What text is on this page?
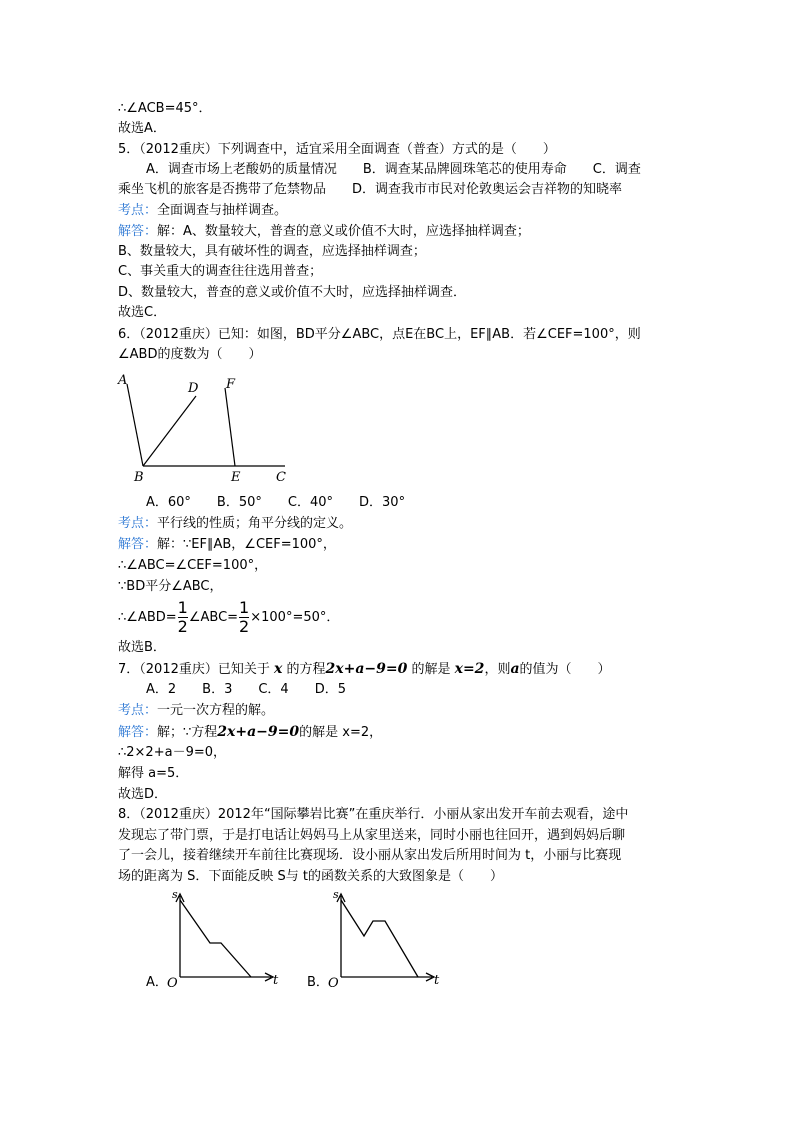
∴∠ACB=45°．
故选A．
5．（2012重庆）下列调查中，适宜采用全面调查（普查）方式的是（　　）
A．调查市场上老酸奶的质量情况　　B．调查某品牌圆珠笔芯的使用寿命　　C．调查
乘坐飞机的旅客是否携带了危禁物品　　D．调查我市市民对伦敦奥运会吉祥物的知晓率
考点：全面调查与抽样调查。
解答：解：A、数量较大，普查的意义或价值不大时，应选择抽样调查；
B、数量较大，具有破坏性的调查，应选择抽样调查；
C、事关重大的调查往往选用普查；
D、数量较大，普查的意义或价值不大时，应选择抽样调查．
故选C．
6．（2012重庆）已知：如图，BD平分∠ABC，点E在BC上，EF∥AB．若∠CEF=100°，则
∠ABD的度数为（　　）
A
D F
B	E	C
A．60°　　B．50°　　C．40°　　D．30°
考点：平行线的性质；角平分线的定义。
解答：解：∵EF∥AB，∠CEF=100°，
∴∠ABC=∠CEF=100°，
∵BD平分∠ABC，
∴∠ABD= $\frac{1}{2}$ ∠ABC= $\frac{1}{2} \times 100^\circ=50^\circ$．
故选B．
7．（2012重庆）已知关于 x 的方程2x+a−9=0 的解是 x=2，则a的值为（　　）
A．2　　B．3　　C．4　　D．5
考点：一元一次方程的解。
解答：解；∵方程2x+a−9=0的解是 x=2，
∴2×2+a－9=0，
解得 a=5．
故选D．
8．（2012重庆）2012年“国际攀岩比赛”在重庆举行．小丽从家出发开车前去观看，途中
发现忘了带门票，于是打电话让妈妈马上从家里送来，同时小丽也往回开，遇到妈妈后聊
了一会儿，接着继续开车前往比赛现场．设小丽从家出发后所用时间为 t，小丽与比赛现
场的距离为 S．下面能反映 S与 t的函数关系的大致图象是（　　）
A．
s
O	t B．
s
O	t
